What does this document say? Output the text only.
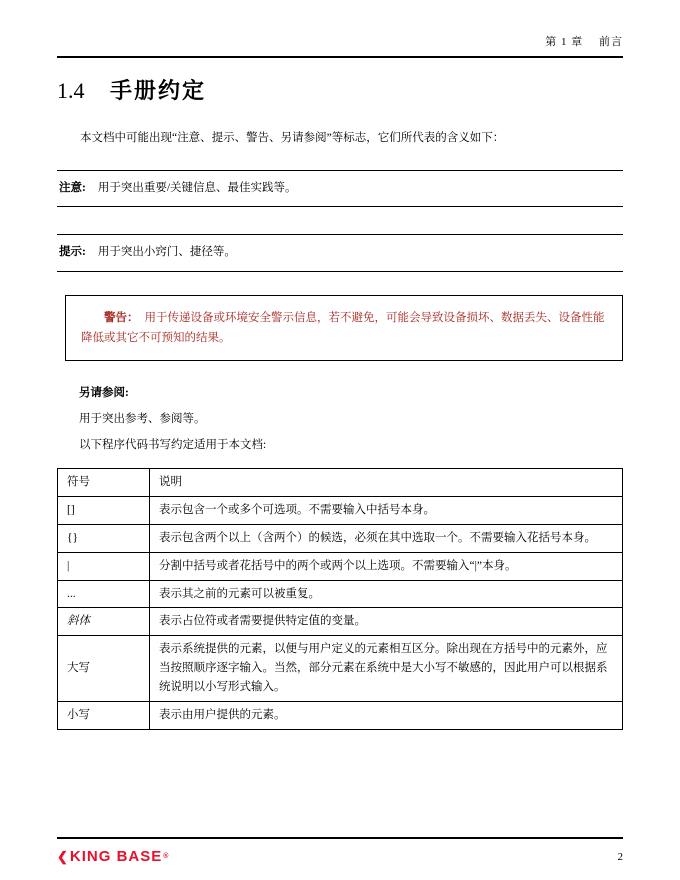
第 1 章　 前言
1.4 手册约定

本文档中可能出现“注意、提示、警告、另请参阅”等标志，它们所代表的含义如下：

注意: 用于突出重要/关键信息、最佳实践等。
提示: 用于突出小窍门、捷径等。
警告： 用于传递设备或环境安全警示信息，若不避免，可能会导致设备损坏、数据丢失、设备性能降低或其它不可预知的结果。
另请参阅:
用于突出参考、参阅等。
以下程序代码书写约定适用于本文档:
符号	说明
[]	表示包含一个或多个可选项。不需要输入中括号本身。
{}	表示包含两个以上（含两个）的候选，必须在其中选取一个。不需要输入花括号本身。
|	分割中括号或者花括号中的两个或两个以上选项。不需要输入“|”本身。
...	表示其之前的元素可以被重复。
斜体	表示占位符或者需要提供特定值的变量。
大写	表示系统提供的元素，以便与用户定义的元素相互区分。除出现在方括号中的元素外，应当按照顺序逐字输入。当然，部分元素在系统中是大小写不敏感的，因此用户可以根据系统说明以小写形式输入。
小写	表示由用户提供的元素。
❮ KING BASE ®	2
